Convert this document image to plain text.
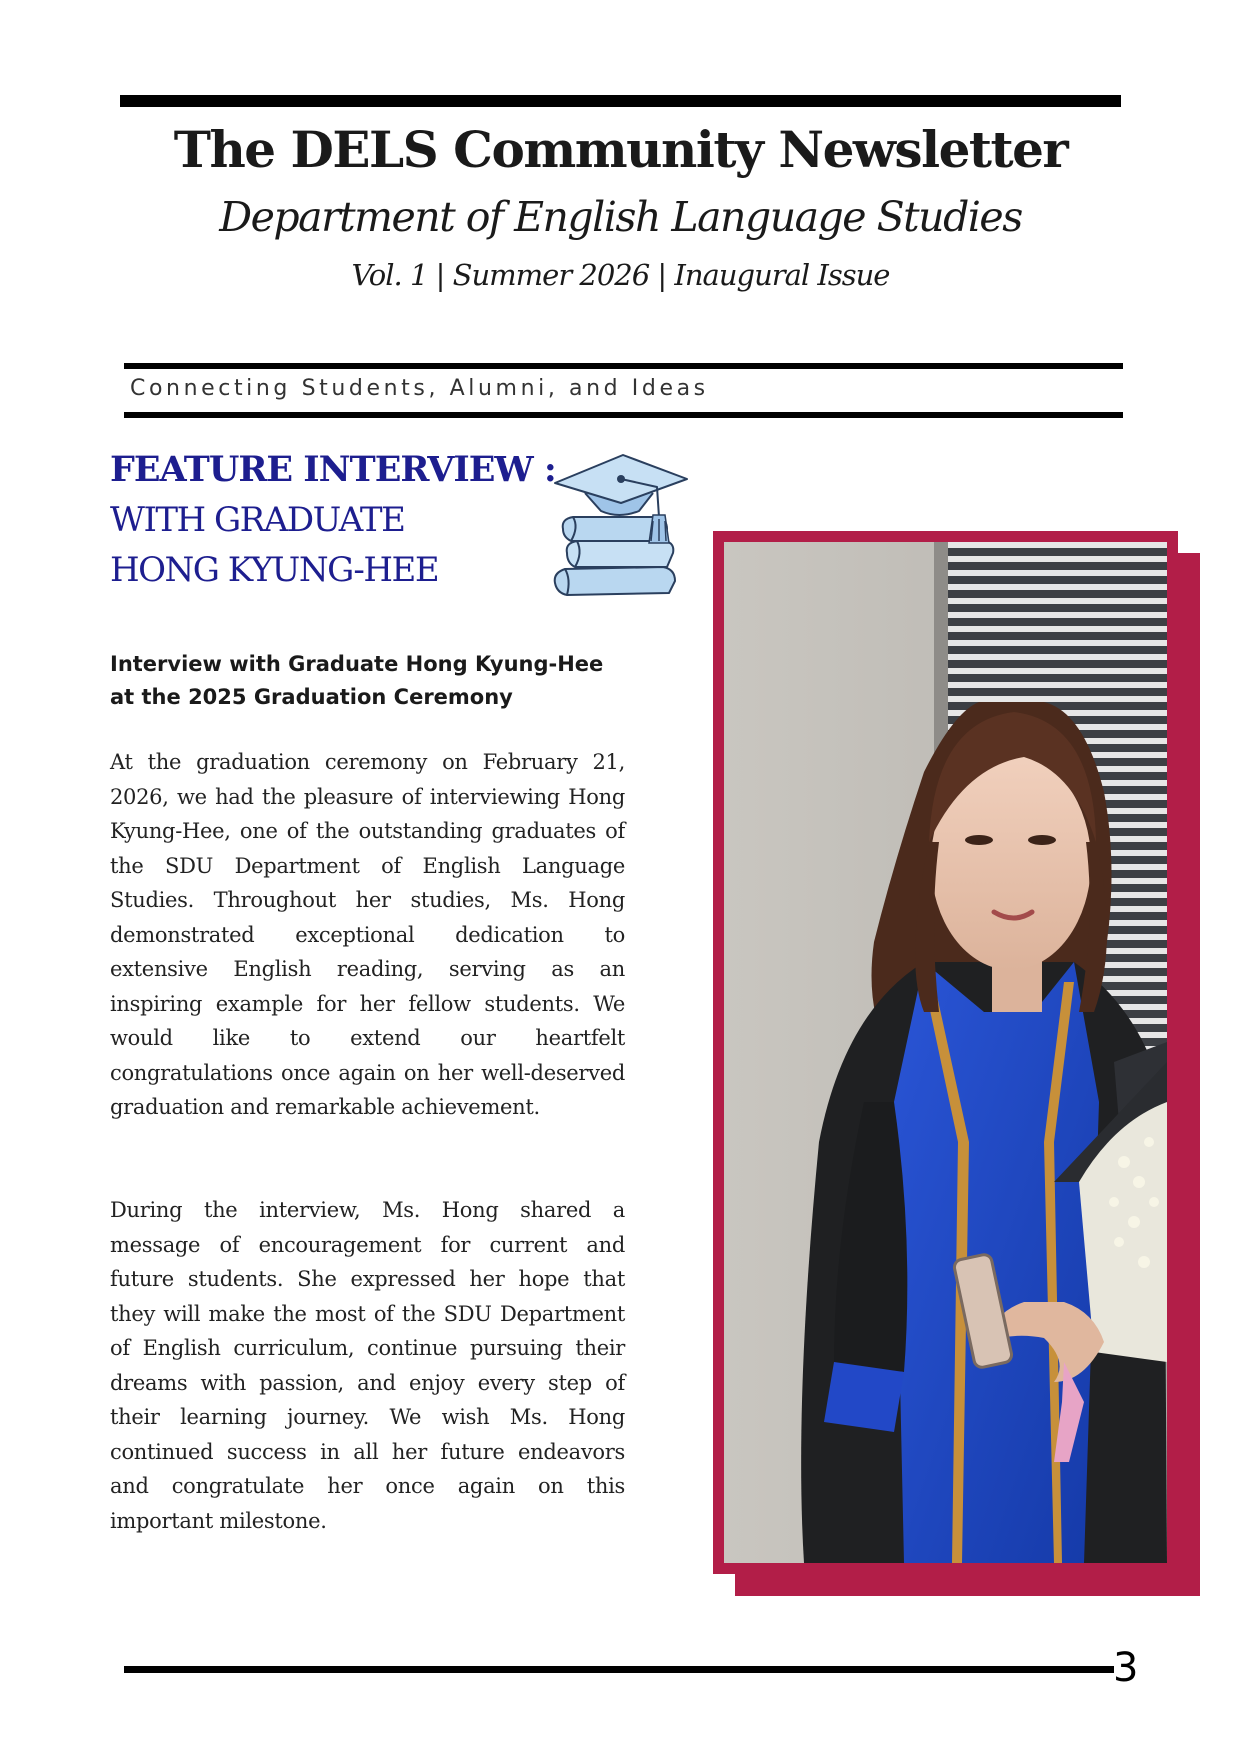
The DELS Community Newsletter
Department of English Language Studies
Vol. 1 | Summer 2026 | Inaugural Issue
Connecting Students, Alumni, and Ideas
FEATURE INTERVIEW :
WITH GRADUATE
HONG KYUNG-HEE
Interview with Graduate Hong Kyung-Hee at the 2025 Graduation Ceremony
At the graduation ceremony on February 21, 2026, we had the pleasure of interviewing Hong Kyung-Hee, one of the outstanding graduates of the SDU Department of English Language Studies. Throughout her studies, Ms. Hong demonstrated exceptional dedication to extensive English reading, serving as an inspiring example for her fellow students. We would like to extend our heartfelt congratulations once again on her well-deserved graduation and remarkable achievement.
During the interview, Ms. Hong shared a message of encouragement for current and future students. She expressed her hope that they will make the most of the SDU Department of English curriculum, continue pursuing their dreams with passion, and enjoy every step of their learning journey. We wish Ms. Hong continued success in all her future endeavors and congratulate her once again on this important milestone.
3
